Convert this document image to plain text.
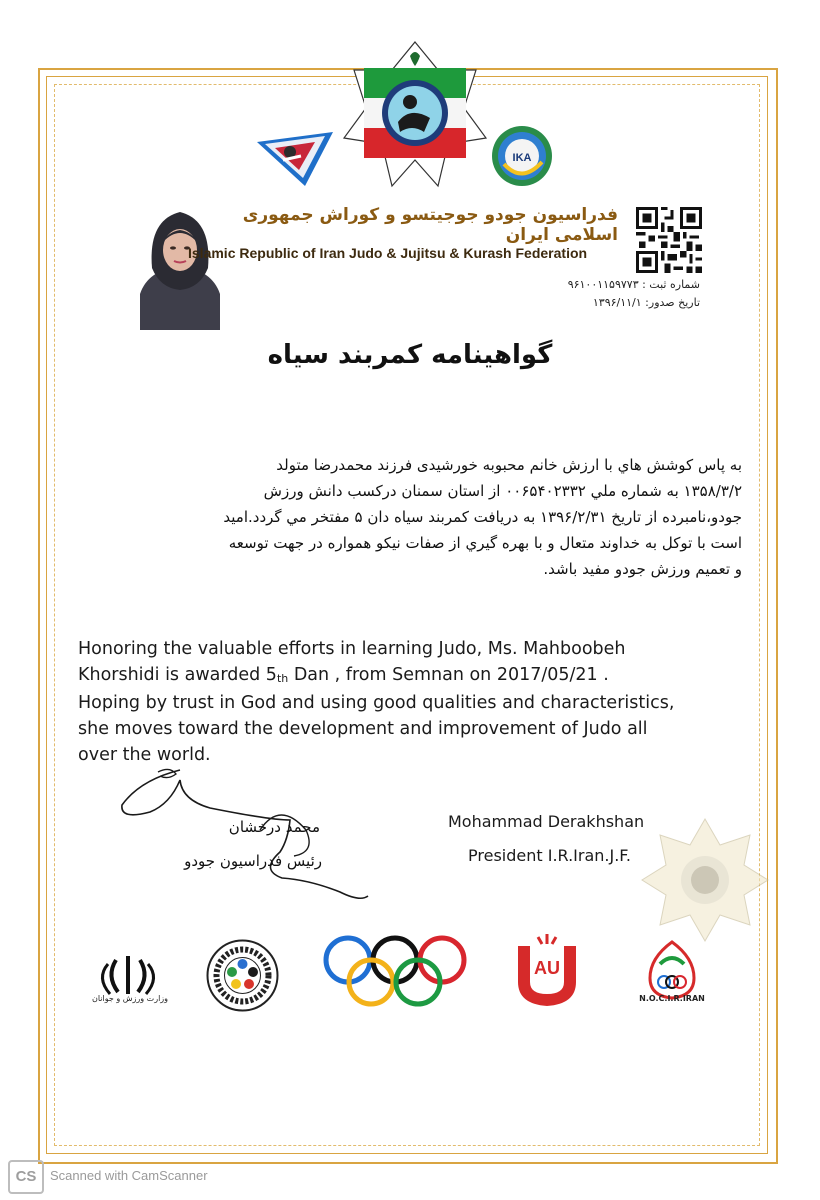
IKA
فدراسیون جودو جوجیتسو و کوراش جمهوری اسلامی ایران
Islamic Republic of Iran Judo & Jujitsu & Kurash Federation
شماره ثبت : ۹۶۱۰۰۱۱۵۹۷۷۳
تاریخ صدور: ۱۳۹۶/۱۱/۱
گواهینامه کمربند سیاه

به پاس کوشش هاي با ارزش خانم محبوبه خورشیدی فرزند محمدرضا متولد

۱۳۵۸/۳/۲ به شماره ملي ۰۰۶۵۴۰۲۳۳۲ از استان سمنان درکسب دانش ورزش

جودو،نامبرده از تاریخ ۱۳۹۶/۲/۳۱ به دریافت کمربند سیاه دان ۵ مفتخر مي گردد.امید

است با توکل به خداوند متعال و با بهره گيري از صفات نیکو همواره در جهت توسعه

و تعمیم ورزش جودو مفید باشد.

Honoring the valuable efforts in learning Judo, Ms. Mahboobeh

Khorshidi is awarded $5_{th}$ Dan , from Semnan on 2017/05/21 .

Hoping by trust in God and using good qualities and characteristics,

she moves toward the development and improvement of Judo all

over the world.

محمد درخشان
رئیس فدراسیون جودو
Mohammad Derakhshan
President I.R.Iran.J.F.
وزارت ورزش و جوانان
AU
N.O.C.I.R.IRAN
CS	Scanned with CamScanner
